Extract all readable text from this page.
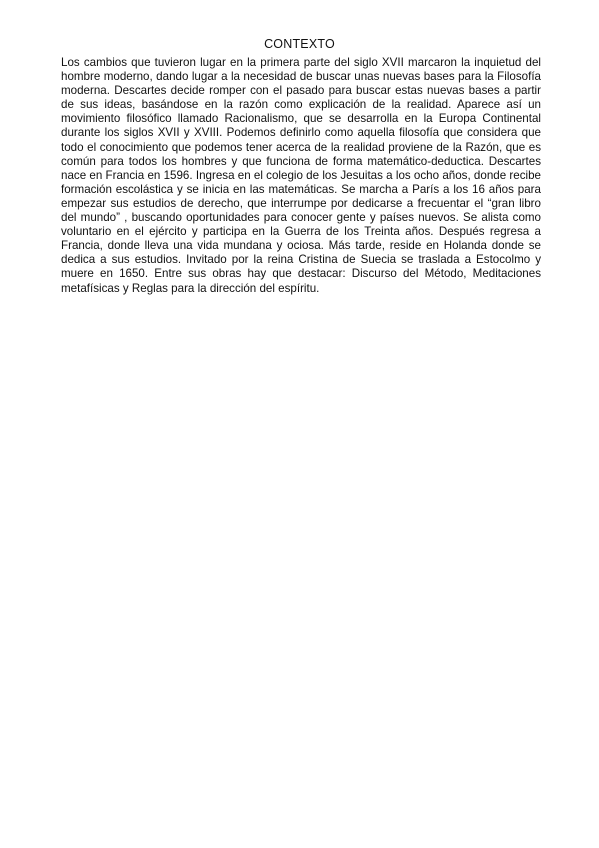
CONTEXTO

Los cambios que tuvieron lugar en la primera parte del siglo XVII marcaron la inquietud del hombre moderno, dando lugar a la necesidad de buscar unas nuevas bases para la Filosofía moderna. Descartes decide romper con el pasado para buscar estas nuevas bases a partir de sus ideas, basándose en la razón como explicación de la realidad. Aparece así un movimiento filosófico llamado Racionalismo, que se desarrolla en la Europa Continental durante los siglos XVII y XVIII. Podemos definirlo como aquella filosofía que considera que todo el conocimiento que podemos tener acerca de la realidad proviene de la Razón, que es común para todos los hombres y que funciona de forma matemático-deductica. Descartes nace en Francia en 1596. Ingresa en el colegio de los Jesuitas a los ocho años, donde recibe formación escolástica y se inicia en las matemáticas. Se marcha a París a los 16 años para empezar sus estudios de derecho, que interrumpe por dedicarse a frecuentar el “gran libro del mundo” , buscando oportunidades para conocer gente y países nuevos. Se alista como voluntario en el ejército y participa en la Guerra de los Treinta años. Después regresa a Francia, donde lleva una vida mundana y ociosa. Más tarde, reside en Holanda donde se dedica a sus estudios. Invitado por la reina Cristina de Suecia se traslada a Estocolmo y muere en 1650. Entre sus obras hay que destacar: Discurso del Método, Meditaciones metafísicas y Reglas para la dirección del espíritu.
